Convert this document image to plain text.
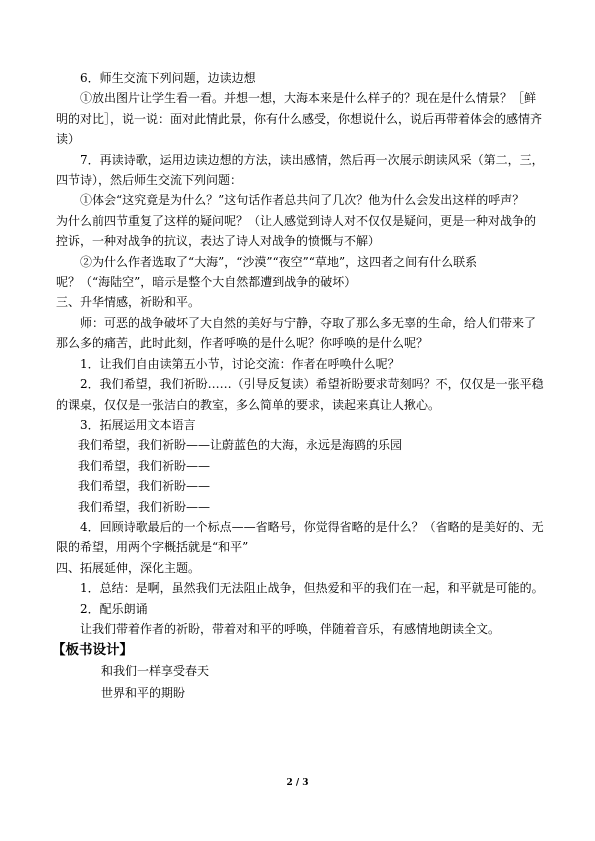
6．师生交流下列问题，边读边想
①放出图片让学生看一看。并想一想，大海本来是什么样子的？现在是什么情景？［鲜
明的对比］，说一说：面对此情此景，你有什么感受，你想说什么，说后再带着体会的感情齐
读）
7．再读诗歌，运用边读边想的方法，读出感情，然后再一次展示朗读风采（第二，三，
四节诗），然后师生交流下列问题：
①体会“这究竟是为什么？”这句话作者总共问了几次？他为什么会发出这样的呼声？
为什么前四节重复了这样的疑问呢？（让人感觉到诗人对不仅仅是疑问，更是一种对战争的
控诉，一种对战争的抗议，表达了诗人对战争的愤慨与不解）
②为什么作者选取了“大海”，“沙漠”“夜空”“草地”，这四者之间有什么联系
呢？（“海陆空”，暗示是整个大自然都遭到战争的破坏）
三、升华情感，祈盼和平。
师：可恶的战争破坏了大自然的美好与宁静，夺取了那么多无辜的生命，给人们带来了
那么多的痛苦，此时此刻，作者呼唤的是什么呢？你呼唤的是什么呢？
1．让我们自由读第五小节，讨论交流：作者在呼唤什么呢？
2．我们希望，我们祈盼……（引导反复读）希望祈盼要求苛刻吗？不，仅仅是一张平稳
的课桌，仅仅是一张洁白的教室，多么简单的要求，读起来真让人揪心。
3．拓展运用文本语言
我们希望，我们祈盼——让蔚蓝色的大海，永远是海鸥的乐园
我们希望，我们祈盼——
我们希望，我们祈盼——
我们希望，我们祈盼——
4．回顾诗歌最后的一个标点——省略号，你觉得省略的是什么？（省略的是美好的、无
限的希望，用两个字概括就是“和平”
四、拓展延伸，深化主题。
1．总结：是啊，虽然我们无法阻止战争，但热爱和平的我们在一起，和平就是可能的。
2．配乐朗诵
让我们带着作者的祈盼，带着对和平的呼唤，伴随着音乐，有感情地朗读全文。
【板书设计】
和我们一样享受春天
世界和平的期盼
2 / 3
